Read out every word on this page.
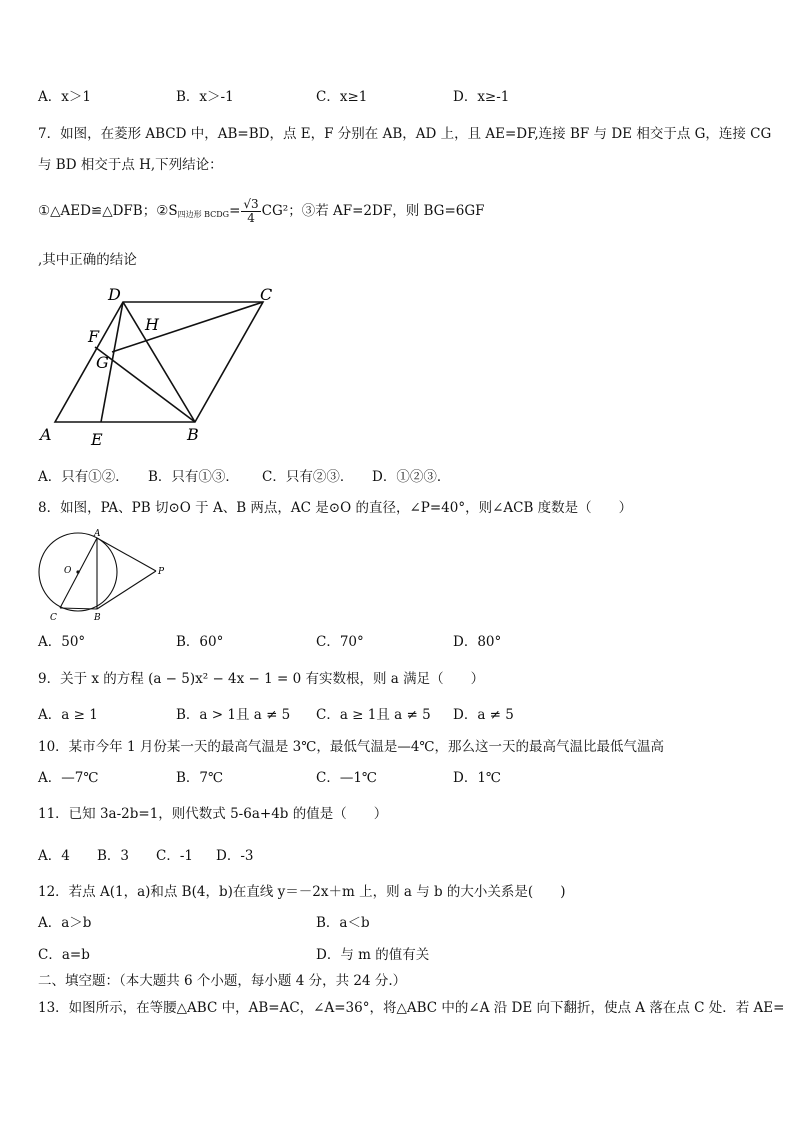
A．x＞1	B．x＞-1	C．x≥1	D．x≥-1
7．如图，在菱形 ABCD 中，AB=BD，点 E，F 分别在 AB，AD 上，且 AE=DF,连接 BF 与 DE 相交于点 G，连接 CG
与 BD 相交于点 H,下列结论：
①△AED≌△DFB；$②S_{四边形 BCDG}= \frac{√3}{4} CG^2$；③若 AF=2DF，则 BG=6GF
,其中正确的结论
D	C
F
H
G
A E	B
A．只有①②． B．只有①③． C．只有②③． D．①②③．
8．如图，PA、PB 切⊙O 于 A、B 两点，AC 是⊙O 的直径，∠P=40°，则∠ACB 度数是（　　）
A
O	P
C	B
A．50°	B．60°	C．70°	D．80°
9．关于 x 的方程 (a − 5)x² − 4x − 1 = 0 有实数根，则 a 满足（　　）
A．a ≥ 1	B．a > 1且 a ≠ 5 C．a ≥ 1且 a ≠ 5 D．a ≠ 5
10．某市今年 1 月份某一天的最高气温是 3℃，最低气温是—4℃，那么这一天的最高气温比最低气温高
A．—7℃	B．7℃	C．—1℃	D．1℃
11．已知 3a-2b=1，则代数式 5-6a+4b 的值是（　　）
A．4 B．3 C．-1 D．-3
12．若点 A(1，a)和点 B(4，b)在直线 y＝－2x＋m 上，则 a 与 b 的大小关系是(　　)
A．a＞b	B．a＜b
C．a=b	D．与 m 的值有关
二、填空题：（本大题共 6 个小题，每小题 4 分，共 24 分.）
13．如图所示，在等腰△ABC 中，AB=AC，∠A=36°，将△ABC 中的∠A 沿 DE 向下翻折，使点 A 落在点 C 处．若 AE=
